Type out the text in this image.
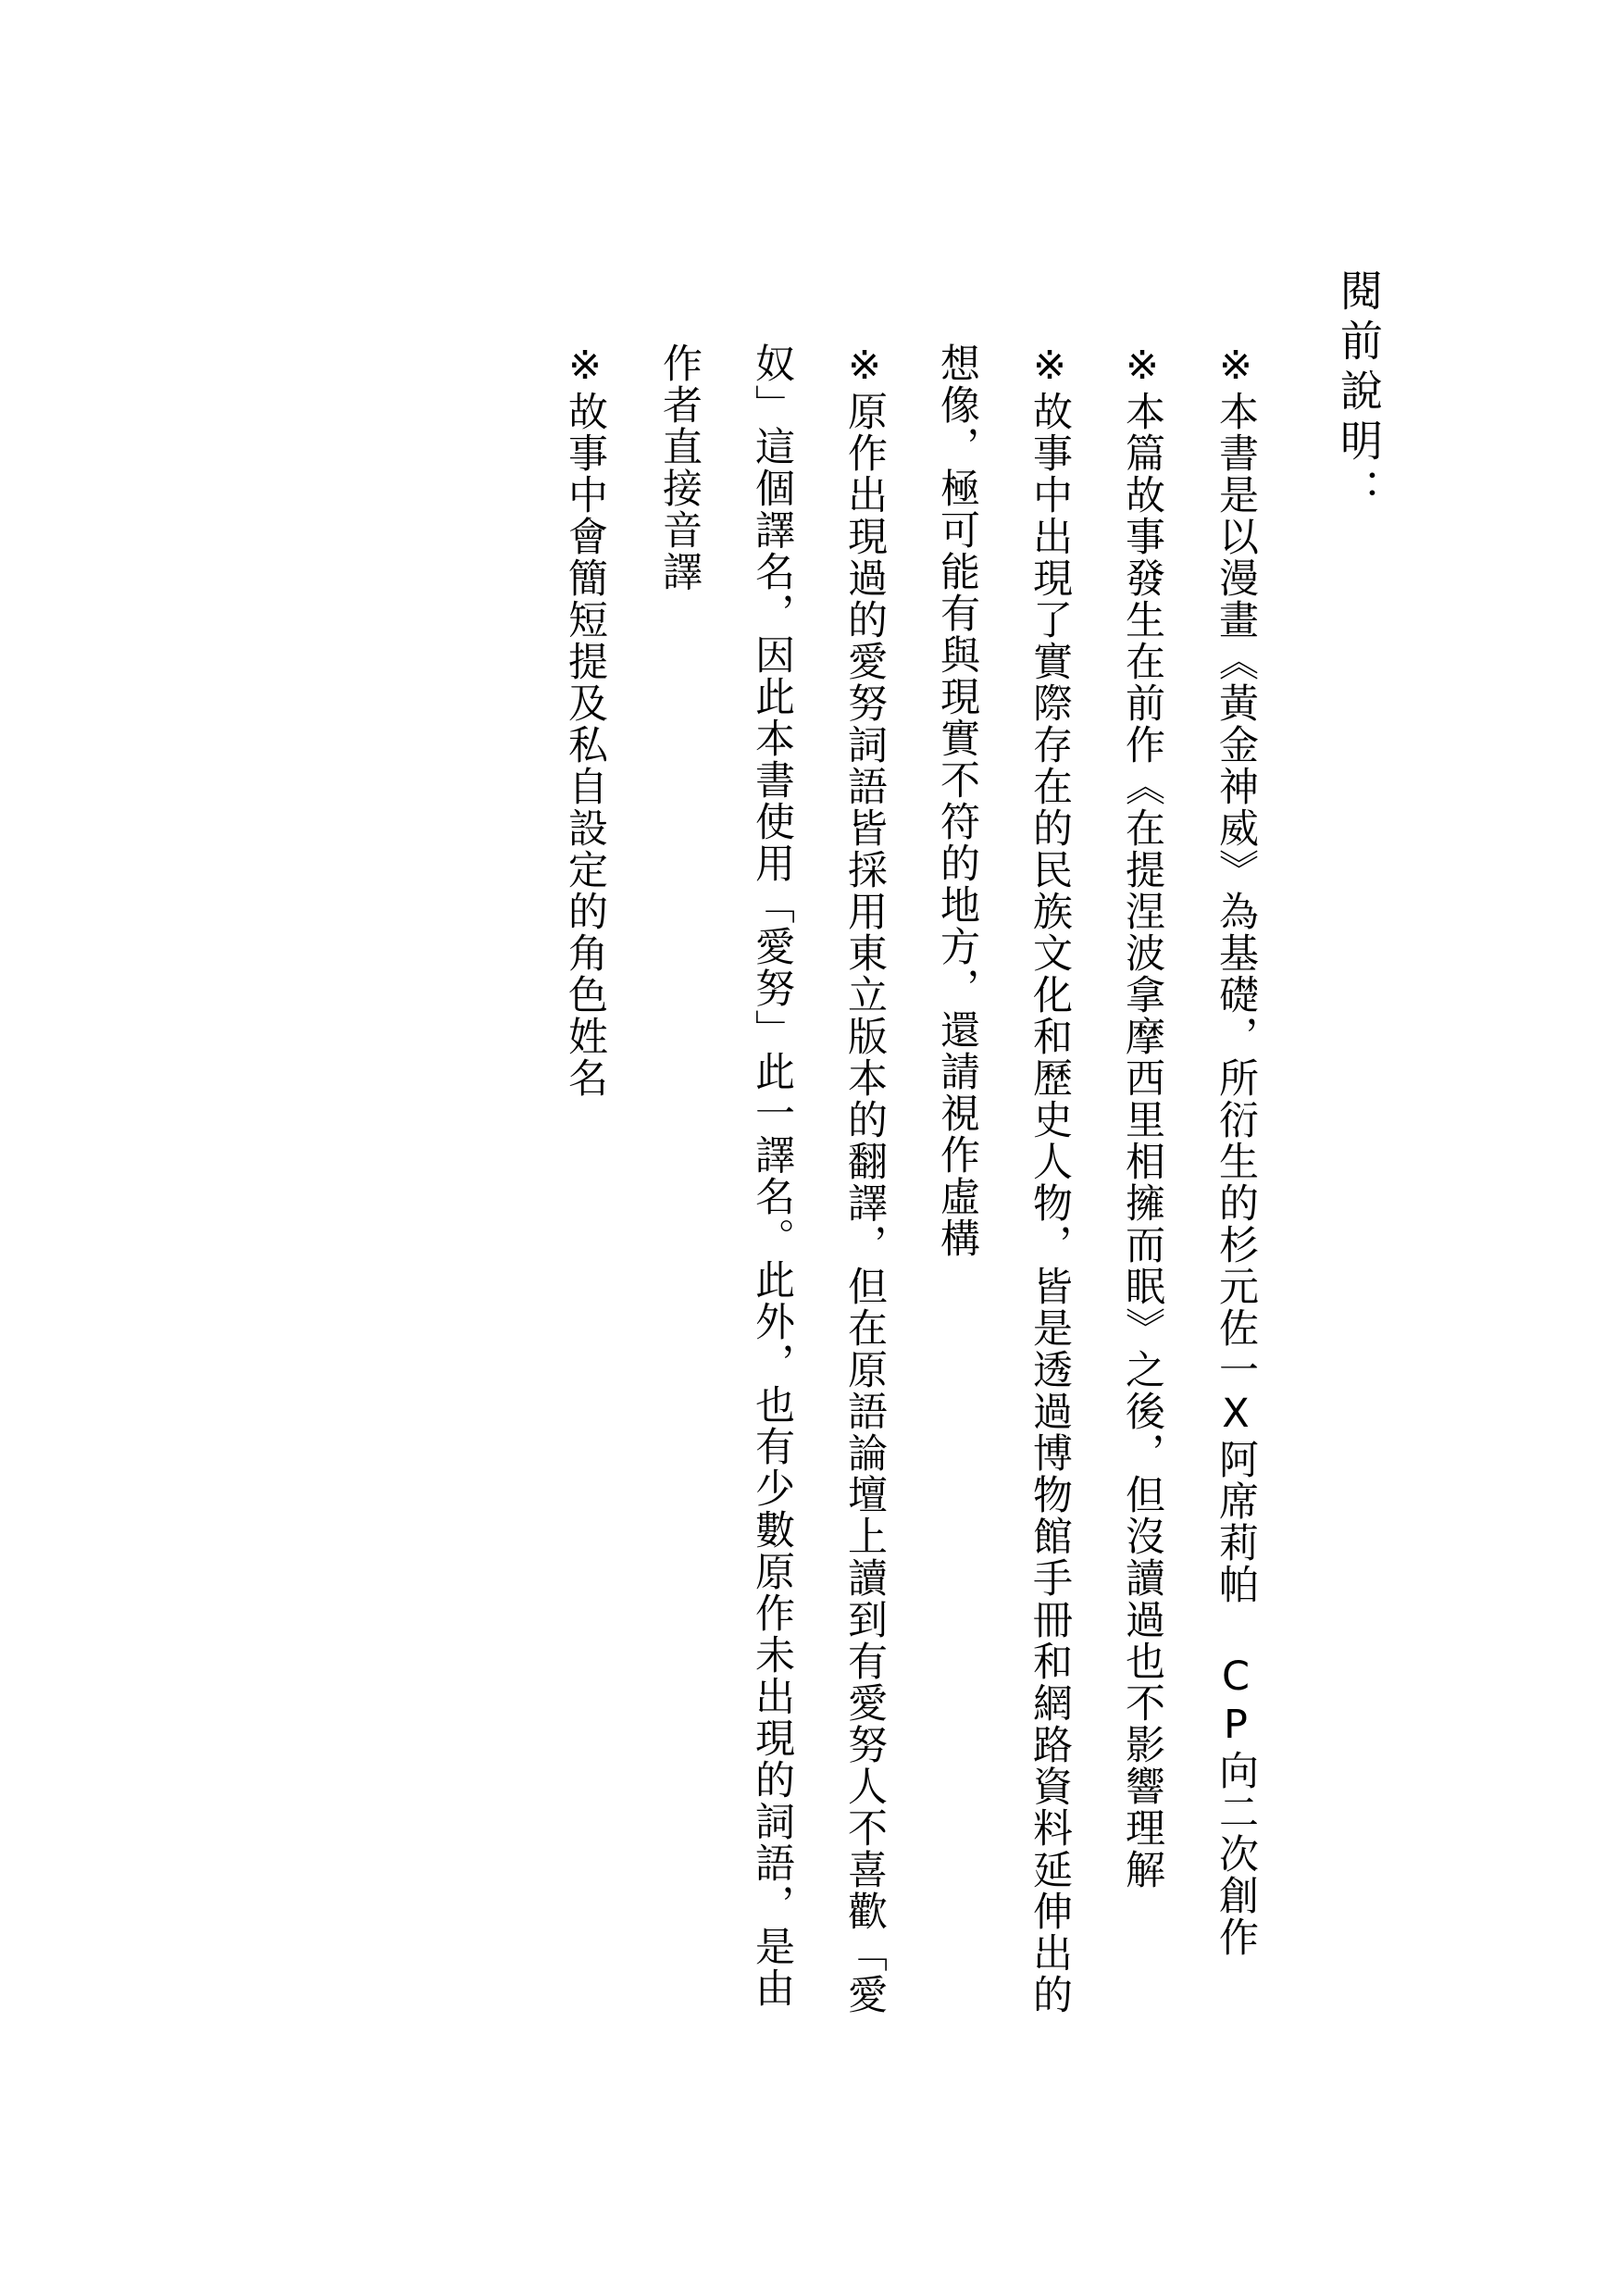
閱前說明：
※本書是以漫畫《黃金神威》為基礎，所衍生的杉元佐一X阿席莉帕 CP向二次創作
※本篇故事發生在前作《在提涅波拿摩西里相擁而眠》之後，但沒讀過也不影響理解
※故事中出現了實際存在的民族文化和歷史人物，皆是透過博物館手冊和網路資料延伸出的
想像，極可能有與現實不符的地方，還請視作虛構
※原作出現過的愛努詞語皆採用東立版本的翻譯，但在原語論壇上讀到有愛努人不喜歡「愛
奴」這個譯名，因此本書使用「愛努」此一譯名。此外，也有少數原作未出現的詞語，是由
作者直接音譯
※故事中會簡短提及私自設定的角色姓名
